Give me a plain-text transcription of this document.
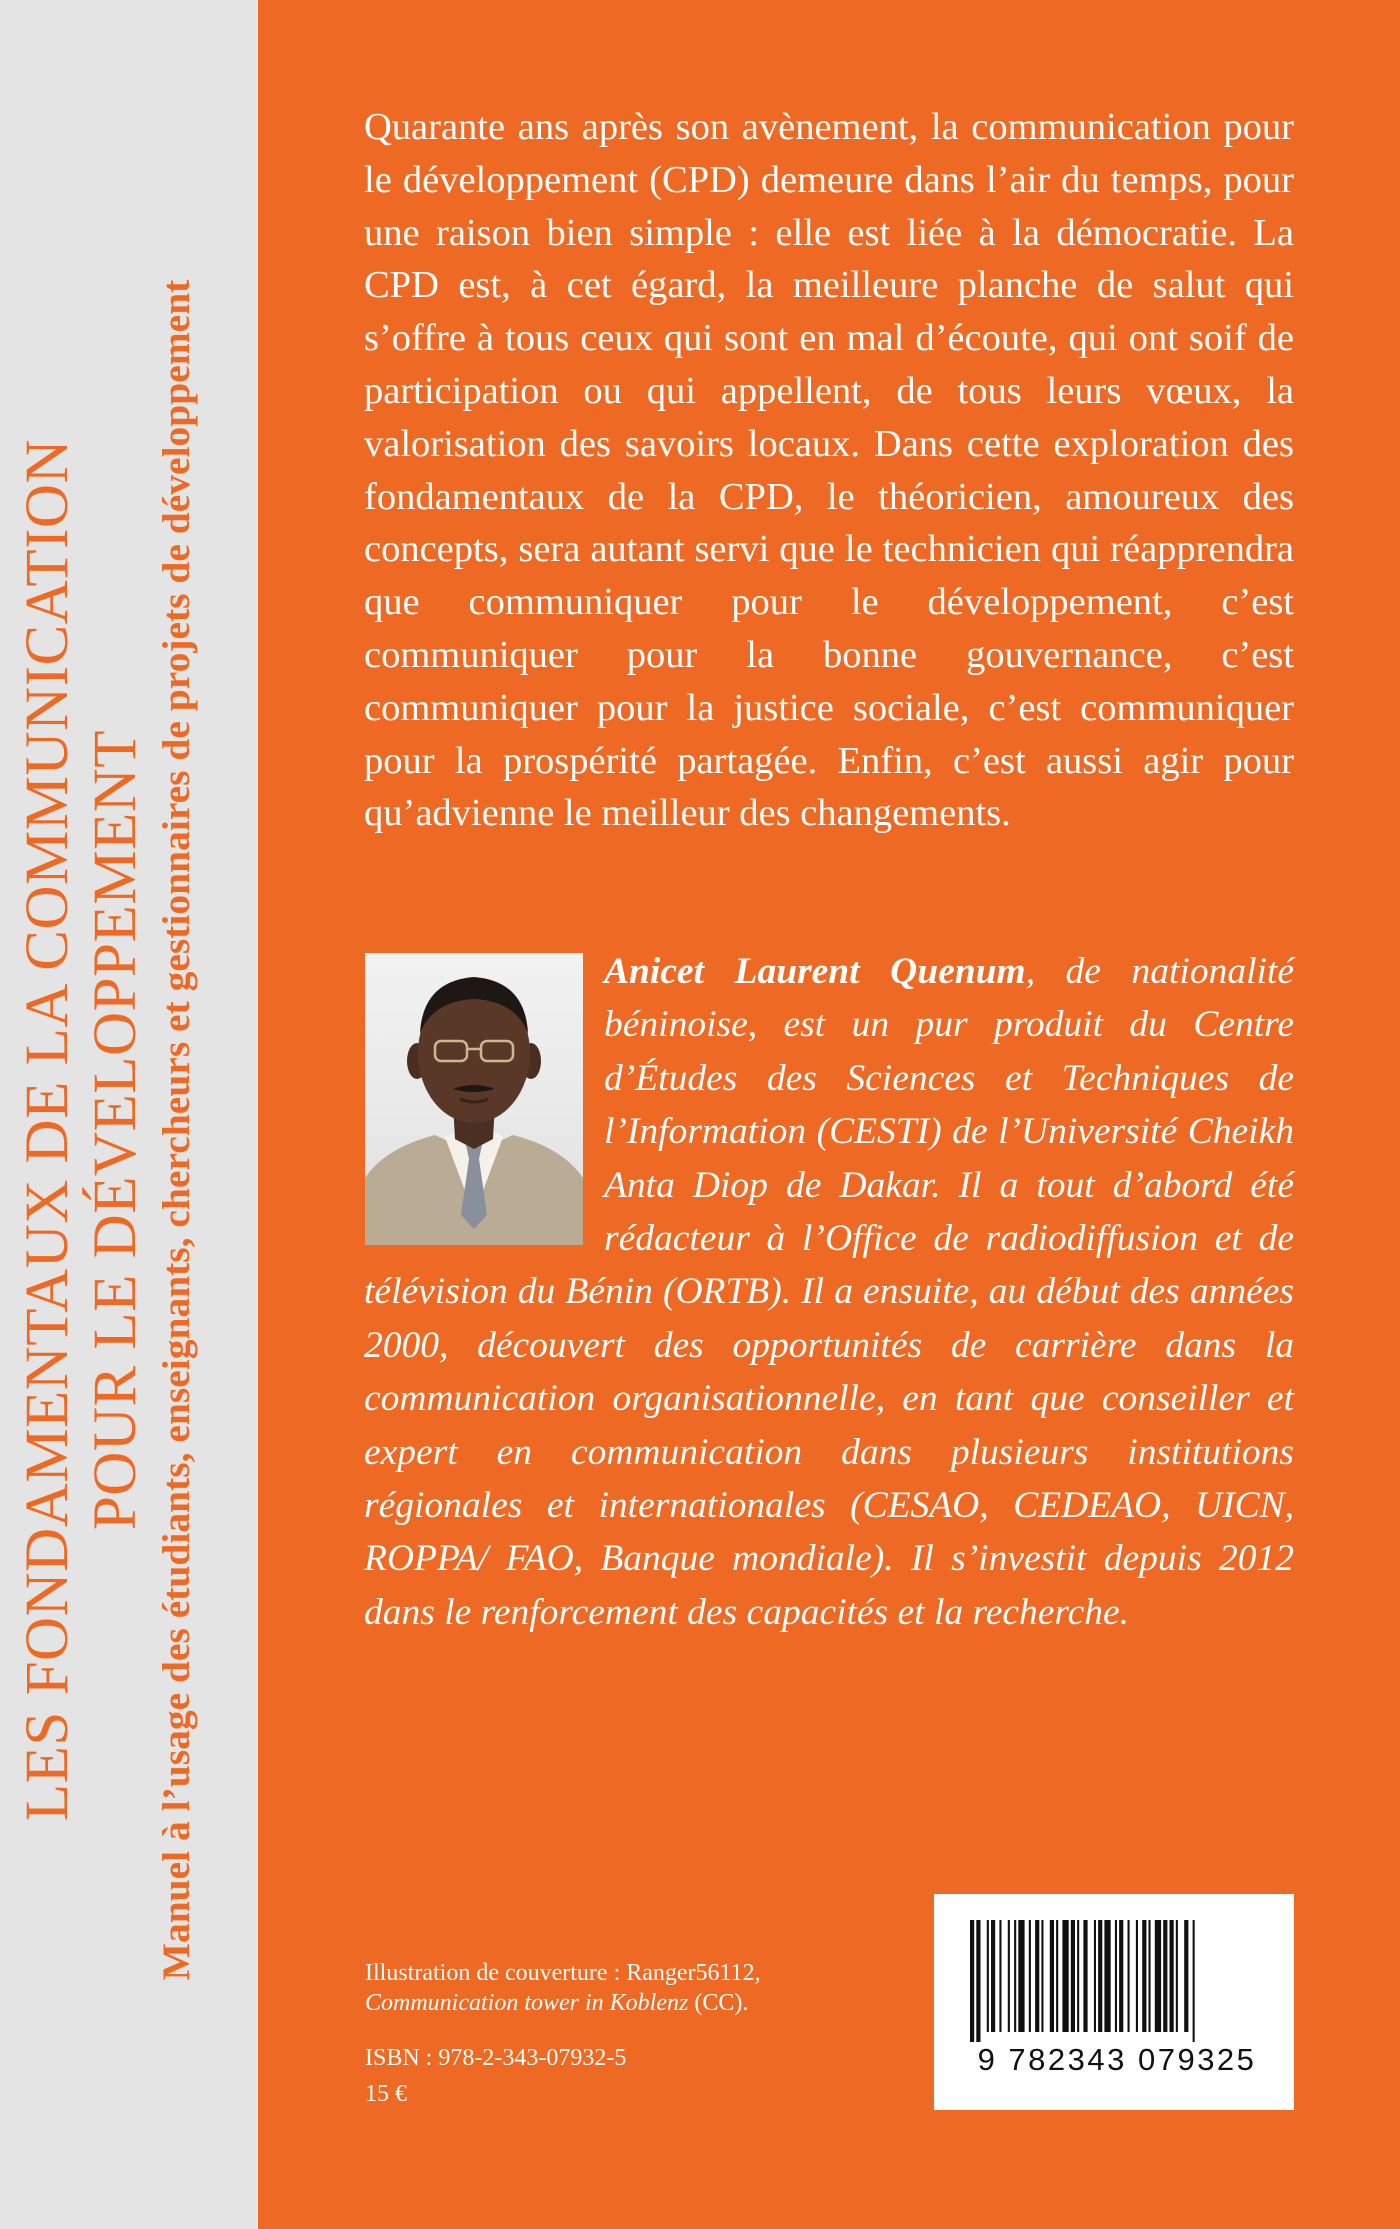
LES FONDAMENTAUX DE LA COMMUNICATION
POUR LE DÉVELOPPEMENT Manuel à l’usage des étudiants, enseignants, chercheurs et gestionnaires de projets de développement

Quarante ans après son avènement, la communication pour le développement (CPD) demeure dans l’air du temps, pour une raison bien simple : elle est liée à la démocratie. La CPD est, à cet égard, la meilleure planche de salut qui s’offre à tous ceux qui sont en mal d’écoute, qui ont soif de participation ou qui appellent, de tous leurs vœux, la valorisation des savoirs locaux. Dans cette exploration des fondamentaux de la CPD, le théoricien, amoureux des concepts, sera autant servi que le technicien qui réapprendra que communiquer pour le développement, c’est communiquer pour la bonne gouvernance, c’est communiquer pour la justice sociale, c’est communiquer pour la prospérité partagée. Enfin, c’est aussi agir pour qu’advienne le meilleur des changements.

Anicet Laurent Quenum, de nationalité béninoise, est un pur produit du Centre d’Études des Sciences et Techniques de l’Information (CESTI) de l’Université Cheikh Anta Diop de Dakar. Il a tout d’abord été rédacteur à l’Office de radiodiffusion et de télévision du Bénin (ORTB). Il a ensuite, au début des années 2000, découvert des opportunités de carrière dans la communication organisationnelle, en tant que conseiller et expert en communication dans plusieurs institutions régionales et internationales (CESAO, CEDEAO, UICN, ROPPA/ FAO, Banque mondiale). Il s’investit depuis 2012 dans le renforcement des capacités et la recherche.

Illustration de couverture : Ranger56112,

Communication tower in Koblenz (CC).

ISBN : 978-2-343-07932-5

15 €

9 782343 079325
